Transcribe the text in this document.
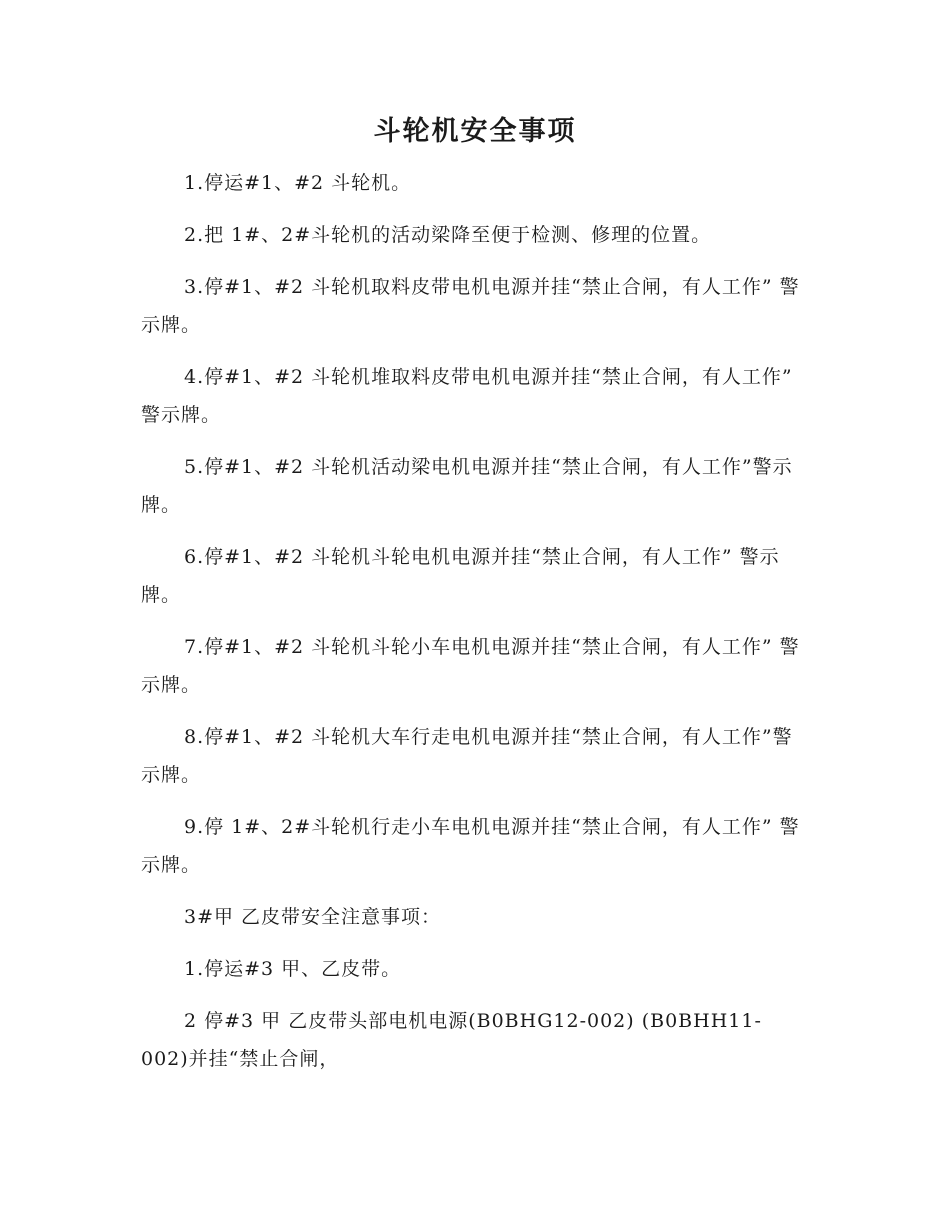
斗轮机安全事项

1.停运#1、#2 斗轮机。

2.把 1#、2#斗轮机的活动梁降至便于检测、修理的位置。

3.停#1、#2 斗轮机取料皮带电机电源并挂“禁止合闸，有人工作” 警示牌。

4.停#1、#2 斗轮机堆取料皮带电机电源并挂“禁止合闸，有人工作” 警示牌。

5.停#1、#2 斗轮机活动梁电机电源并挂“禁止合闸，有人工作”警示牌。

6.停#1、#2 斗轮机斗轮电机电源并挂“禁止合闸，有人工作” 警示牌。

7.停#1、#2 斗轮机斗轮小车电机电源并挂“禁止合闸，有人工作” 警示牌。

8.停#1、#2 斗轮机大车行走电机电源并挂“禁止合闸，有人工作”警示牌。

9.停 1#、2#斗轮机行走小车电机电源并挂“禁止合闸，有人工作” 警示牌。

3#甲 乙皮带安全注意事项：

1.停运#3 甲、乙皮带。

2 停#3 甲 乙皮带头部电机电源(B0BHG12-002) (B0BHH11-002)并挂“禁止合闸，
